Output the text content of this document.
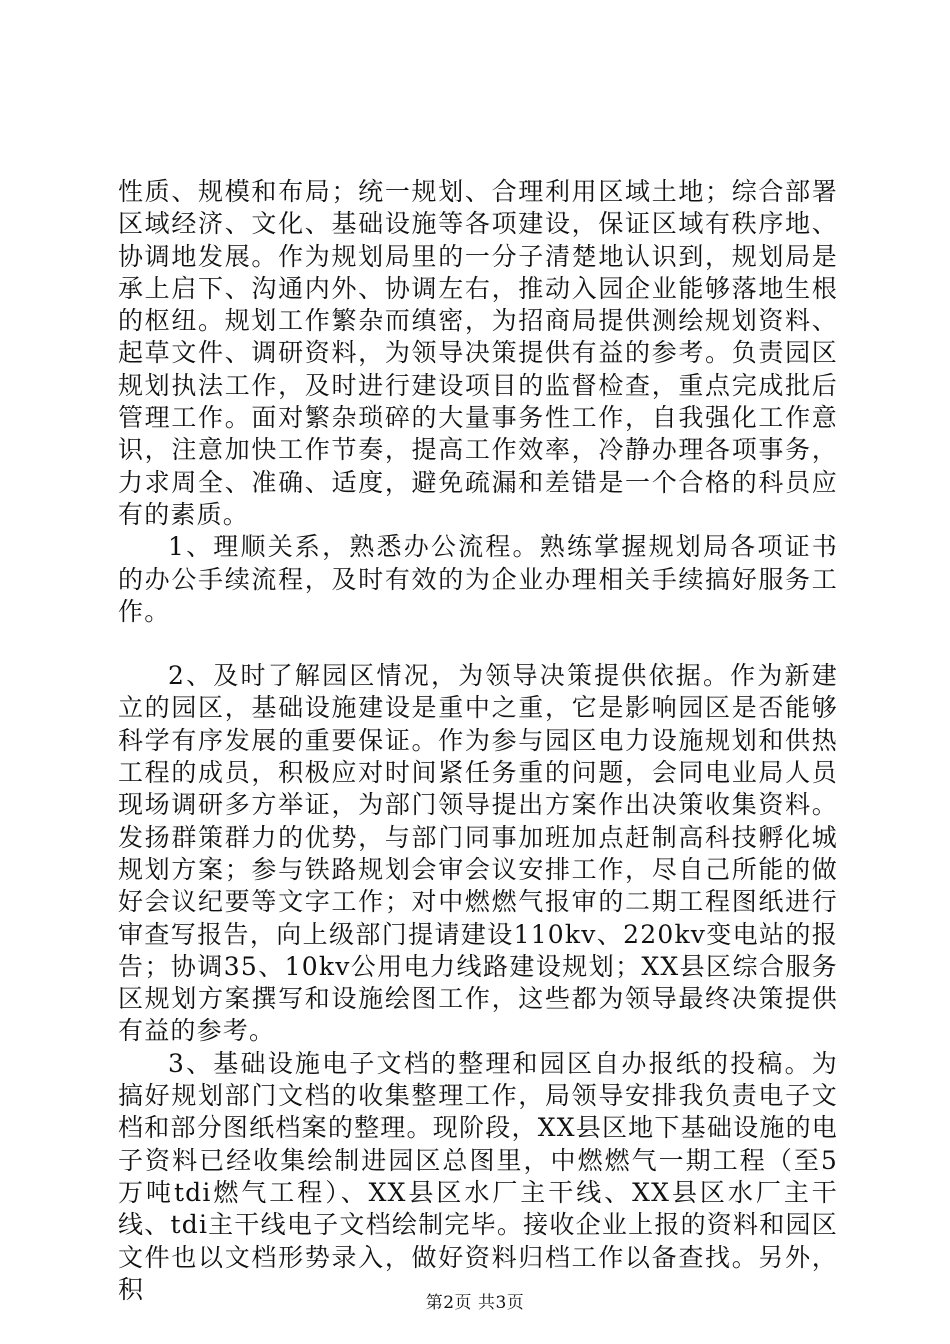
性质、规模和布局；统一规划、合理利用区域土地；综合部署区域经济、文化、基础设施等各项建设，保证区域有秩序地、协调地发展。作为规划局里的一分子清楚地认识到，规划局是承上启下、沟通内外、协调左右，推动入园企业能够落地生根的枢纽。规划工作繁杂而缜密，为招商局提供测绘规划资料、起草文件、调研资料，为领导决策提供有益的参考。负责园区规划执法工作，及时进行建设项目的监督检查，重点完成批后管理工作。面对繁杂琐碎的大量事务性工作，自我强化工作意识，注意加快工作节奏，提高工作效率，冷静办理各项事务，力求周全、准确、适度，避免疏漏和差错是一个合格的科员应有的素质。

1、理顺关系，熟悉办公流程。熟练掌握规划局各项证书的办公手续流程，及时有效的为企业办理相关手续搞好服务工作。

2、及时了解园区情况，为领导决策提供依据。作为新建立的园区，基础设施建设是重中之重，它是影响园区是否能够科学有序发展的重要保证。作为参与园区电力设施规划和供热工程的成员，积极应对时间紧任务重的问题，会同电业局人员现场调研多方举证，为部门领导提出方案作出决策收集资料。发扬群策群力的优势，与部门同事加班加点赶制高科技孵化城规划方案；参与铁路规划会审会议安排工作，尽自己所能的做好会议纪要等文字工作；对中燃燃气报审的二期工程图纸进行审查写报告，向上级部门提请建设110kv、220kv变电站的报告；协调35、10kv公用电力线路建设规划；XX县区综合服务区规划方案撰写和设施绘图工作，这些都为领导最终决策提供有益的参考。

3、基础设施电子文档的整理和园区自办报纸的投稿。为搞好规划部门文档的收集整理工作，局领导安排我负责电子文档和部分图纸档案的整理。现阶段，XX县区地下基础设施的电子资料已经收集绘制进园区总图里，中燃燃气一期工程（至5万吨tdi燃气工程）、XX县区水厂主干线、XX县区水厂主干线、tdi主干线电子文档绘制完毕。接收企业上报的资料和园区文件也以文档形势录入，做好资料归档工作以备查找。另外，积	第2页 共3页
